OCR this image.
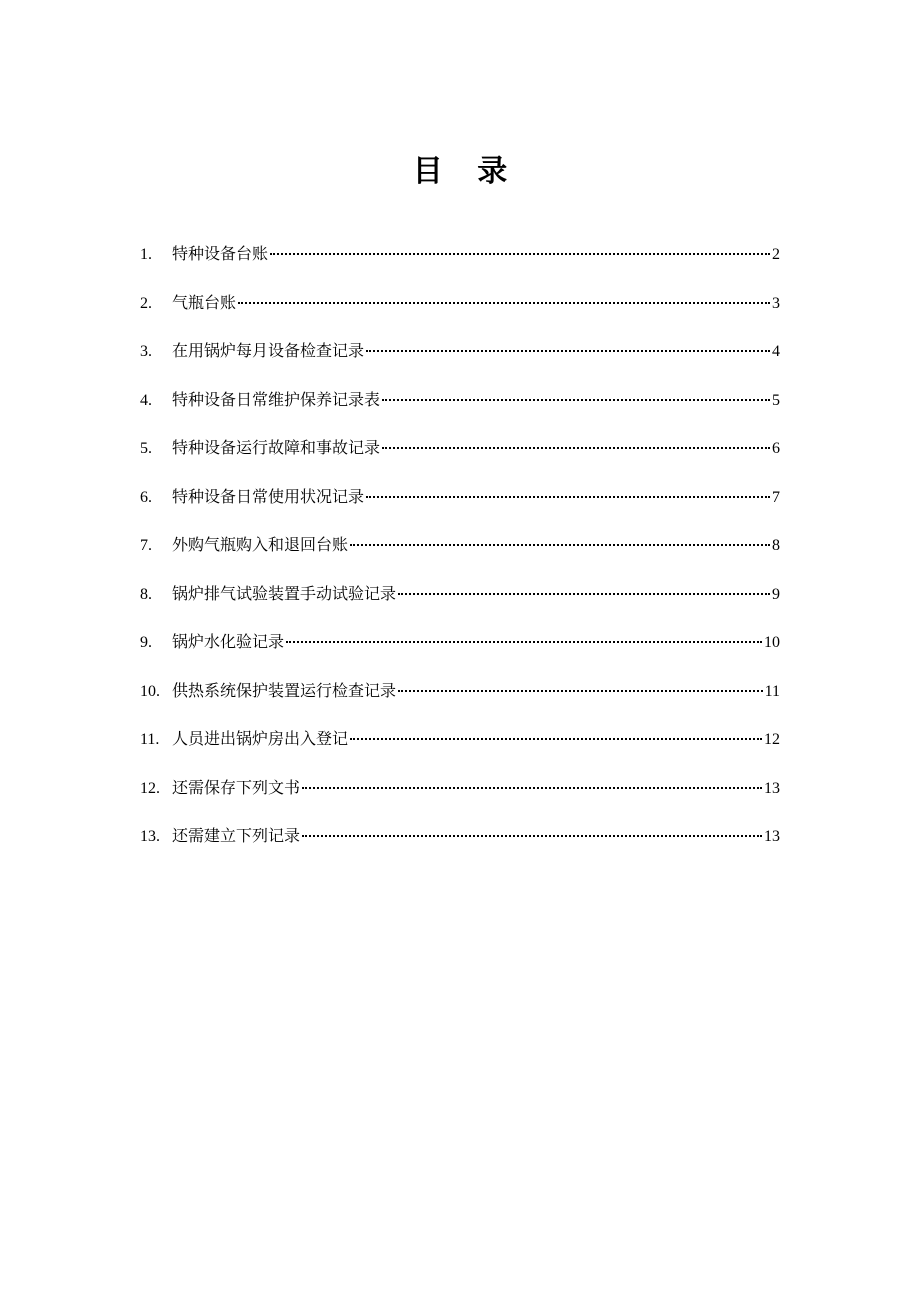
目 录
1.	特种设备台账	2
2.	气瓶台账	3
3.	在用锅炉每月设备检查记录	4
4.	特种设备日常维护保养记录表	5
5.	特种设备运行故障和事故记录	6
6.	特种设备日常使用状况记录	7
7.	外购气瓶购入和退回台账	8
8.	锅炉排气试验装置手动试验记录	9
9.	锅炉水化验记录	10
10. 供热系统保护装置运行检查记录	11
11. 人员进出锅炉房出入登记	12
12. 还需保存下列文书	13
13. 还需建立下列记录	13
